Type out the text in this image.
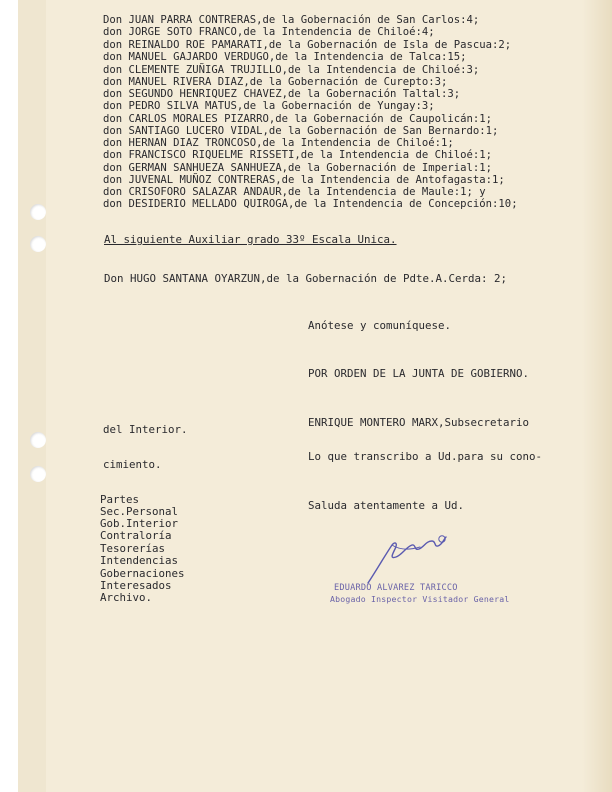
Don JUAN PARRA CONTRERAS,de la Gobernación de San Carlos:4;
don JORGE SOTO FRANCO,de la Intendencia de Chiloé:4;
don REINALDO ROE PAMARATI,de la Gobernación de Isla de Pascua:2;
don MANUEL GAJARDO VERDUGO,de la Intendencia de Talca:15;
don CLEMENTE ZUÑIGA TRUJILLO,de la Intendencia de Chiloé:3;
don MANUEL RIVERA DIAZ,de la Gobernación de Curepto:3;
don SEGUNDO HENRIQUEZ CHAVEZ,de la Gobernación Taltal:3;
don PEDRO SILVA MATUS,de la Gobernación de Yungay:3;
don CARLOS MORALES PIZARRO,de la Gobernación de Caupolicán:1;
don SANTIAGO LUCERO VIDAL,de la Gobernación de San Bernardo:1;
don HERNAN DIAZ TRONCOSO,de la Intendencia de Chiloé:1;
don FRANCISCO RIQUELME RISSETI,de la Intendencia de Chiloé:1;
don GERMAN SANHUEZA SANHUEZA,de la Gobernación de Imperial:1;
don JUVENAL MUÑOZ CONTRERAS,de la Intendencia de Antofagasta:1;
don CRISOFORO SALAZAR ANDAUR,de la Intendencia de Maule:1; y
don DESIDERIO MELLADO QUIROGA,de la Intendencia de Concepción:10;
Al siguiente Auxiliar grado 33º Escala Unica.
Don HUGO SANTANA OYARZUN,de la Gobernación de Pdte.A.Cerda: 2;
Anótese y comuníquese.
POR ORDEN DE LA JUNTA DE GOBIERNO.
ENRIQUE MONTERO MARX,Subsecretario
del Interior.
Lo que transcribo a Ud.para su cono-
cimiento.
Saluda atentamente a Ud.
Partes
Sec.Personal
Gob.Interior
Contraloría
Tesorerías
Intendencias
Gobernaciones
Interesados
Archivo.
EDUARDO ALVAREZ TARICCO
Abogado Inspector Visitador General
